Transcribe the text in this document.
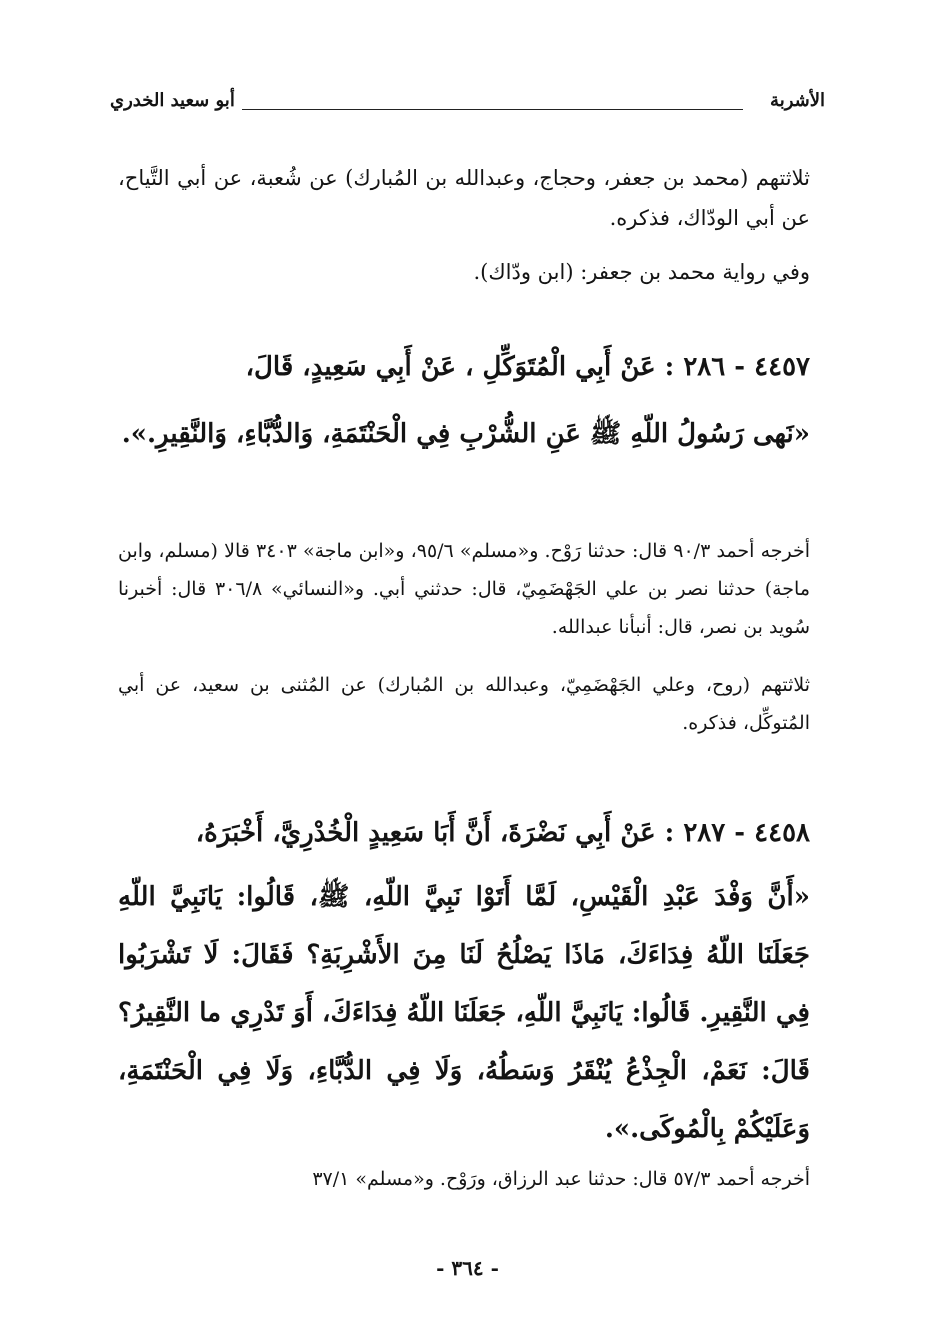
الأشربة
أبو سعيد الخدري

ثلاثتهم (محمد بن جعفر، وحجاج، وعبدالله بن المُبارك) عن شُعبة، عن أبي التَّياح، عن أبي الودّاك، فذكره.

وفي رواية محمد بن جعفر: (ابن ودّاك).

٤٤٥٧ - ٢٨٦ : عَنْ أَبِي الْمُتَوَكِّلِ ، عَنْ أَبِي سَعِيدٍ، قَالَ،

«نَهى رَسُولُ اللّهِ ﷺ عَنِ الشُّرْبِ فِي الْحَنْتَمَةِ، وَالدُّبَّاءِ، وَالنَّقِيرِ.».

أخرجه أحمد ٩٠/٣ قال: حدثنا رَوْح. و«مسلم» ٩٥/٦، و«ابن ماجة» ٣٤٠٣ قالا (مسلم، وابن ماجة) حدثنا نصر بن علي الجَهْضَمِيّ، قال: حدثني أبي. و«النسائي» ٣٠٦/٨ قال: أخبرنا سُويد بن نصر، قال: أنبأنا عبدالله.

ثلاثتهم (روح، وعلي الجَهْضَمِيّ، وعبدالله بن المُبارك) عن المُثنى بن سعيد، عن أبي المُتوكِّل، فذكره.

٤٤٥٨ - ٢٨٧ : عَنْ أَبِي نَضْرَةَ، أَنَّ أَبَا سَعِيدٍ الْخُدْرِيَّ، أَخْبَرَهُ،

«أَنَّ وَفْدَ عَبْدِ الْقَيْسِ، لَمَّا أَتَوْا نَبِيَّ اللّهِ، ﷺ، قَالُوا: يَانَبِيَّ اللّهِ جَعَلَنَا اللّهُ فِدَاءَكَ، مَاذَا يَصْلُحُ لَنَا مِنَ الأَشْرِبَةِ؟ فَقَالَ: لَا تَشْرَبُوا فِي النَّقِيرِ. قَالُوا: يَانَبِيَّ اللّهِ، جَعَلَنَا اللّهُ فِدَاءَكَ، أَوَ تَدْرِي ما النَّقِيرُ؟ قَالَ: نَعَمْ، الْجِذْعُ يُنْقَرُ وَسَطُهُ، وَلَا فِي الدُّبَّاءِ، وَلَا فِي الْحَنْتَمَةِ، وَعَلَيْكُمْ بِالْمُوكَى.».

أخرجه أحمد ٥٧/٣ قال: حدثنا عبد الرزاق، ورَوْح. و«مسلم» ٣٧/١

- ٣٦٤ -
